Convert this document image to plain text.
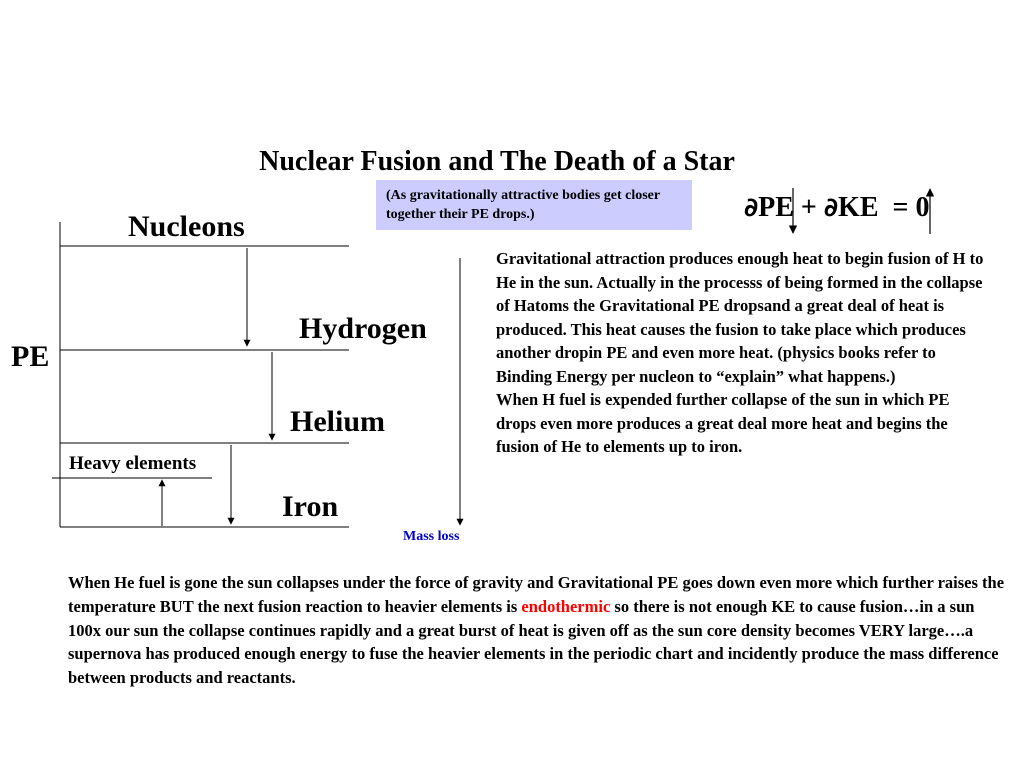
Nuclear Fusion and The Death of a Star
(As gravitationally attractive bodies get closer together their PE drops.)	∂PE + ∂KE  = 0
Nucleons
Hydrogen
PE
Helium
Heavy elements
Iron
Mass loss

Gravitational attraction produces enough heat to begin fusion of H to He in the sun. Actually in the processs of being formed in the collapse of Hatoms the Gravitational PE dropsand a great deal of heat is produced. This heat causes the fusion to take place which produces another dropin PE and even more heat. (physics books refer to Binding Energy per nucleon to “explain” what happens.)

When H fuel is expended further collapse of the sun in which PE drops even more produces a great deal more heat and begins the fusion of He to elements up to iron.

When He fuel is gone the sun collapses under the force of gravity and Gravitational PE goes down even more which further raises the temperature BUT the next fusion reaction to heavier elements is endothermic so there is not enough KE to cause fusion…in a sun 100x our sun the collapse continues rapidly and a great burst of heat is given off as the sun core density becomes VERY large….a supernova has produced enough energy to fuse the heavier elements in the periodic chart and incidently produce the mass difference between products and reactants.
